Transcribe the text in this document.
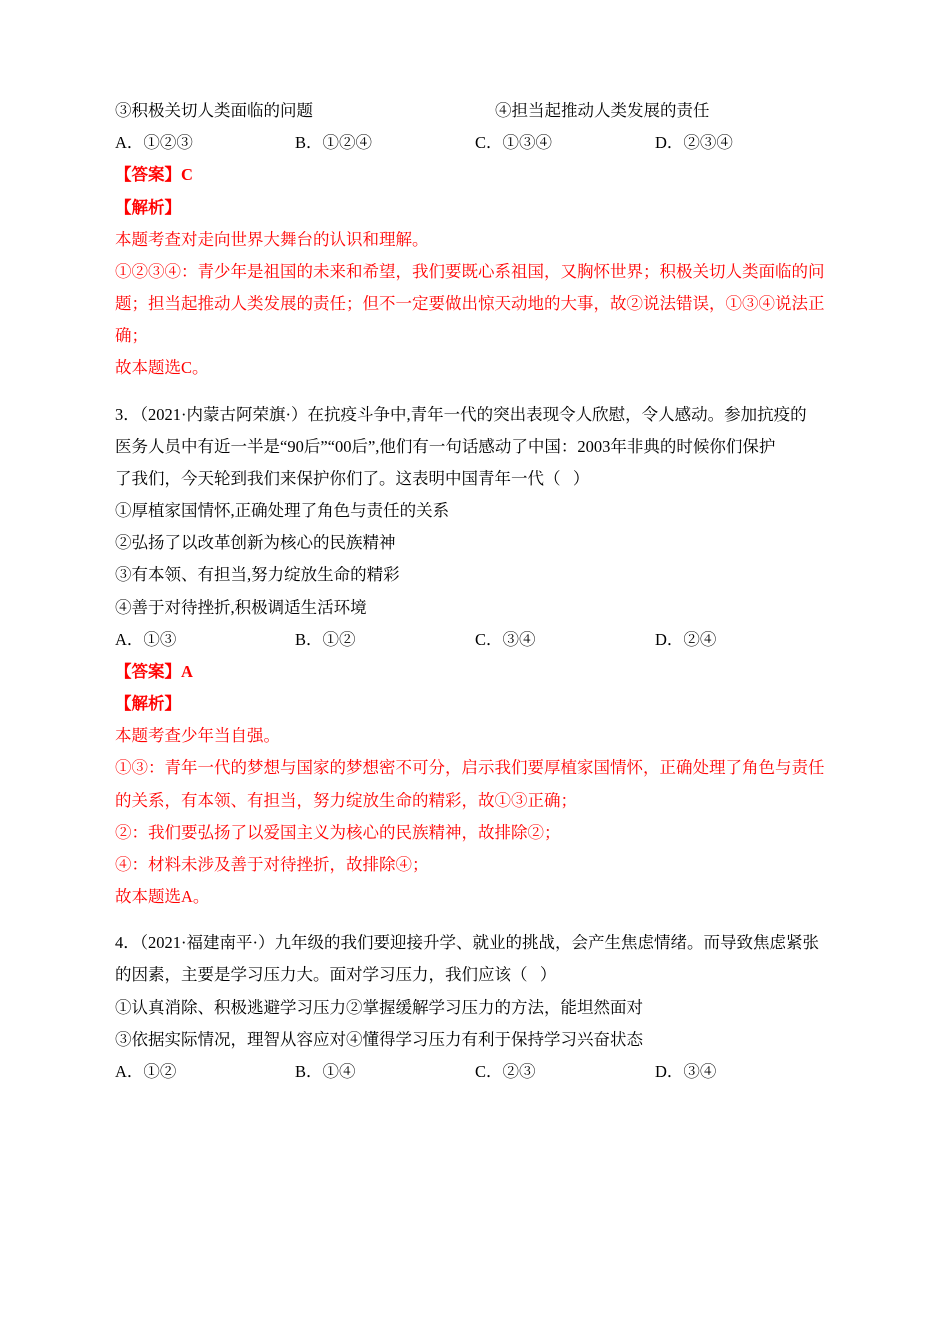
③积极关切人类面临的问题	④担当起推动人类发展的责任
A．①②③	B．①②④	C．①③④	D．②③④
【答案】C
【解析】
本题考查对走向世界大舞台的认识和理解。
①②③④：青少年是祖国的未来和希望，我们要既心系祖国，又胸怀世界；积极关切人类面临的问
题；担当起推动人类发展的责任；但不一定要做出惊天动地的大事，故②说法错误，①③④说法正
确；
故本题选C。
3．（2021·内蒙古阿荣旗·）在抗疫斗争中,青年一代的突出表现令人欣慰，令人感动。参加抗疫的
医务人员中有近一半是“90后”“00后”,他们有一句话感动了中国：2003年非典的时候你们保护
了我们，今天轮到我们来保护你们了。这表明中国青年一代（   ）
①厚植家国情怀,正确处理了角色与责任的关系
②弘扬了以改革创新为核心的民族精神
③有本领、有担当,努力绽放生命的精彩
④善于对待挫折,积极调适生活环境
A．①③	B．①②	C．③④	D．②④
【答案】A
【解析】
本题考查少年当自强。
①③：青年一代的梦想与国家的梦想密不可分，启示我们要厚植家国情怀，正确处理了角色与责任
的关系，有本领、有担当，努力绽放生命的精彩，故①③正确；
②：我们要弘扬了以爱国主义为核心的民族精神，故排除②；
④：材料未涉及善于对待挫折，故排除④；
故本题选A。
4．（2021·福建南平·）九年级的我们要迎接升学、就业的挑战，会产生焦虑情绪。而导致焦虑紧张
的因素，主要是学习压力大。面对学习压力，我们应该（   ）
①认真消除、积极逃避学习压力②掌握缓解学习压力的方法，能坦然面对
③依据实际情况，理智从容应对④懂得学习压力有利于保持学习兴奋状态
A．①②	B．①④	C．②③	D．③④
